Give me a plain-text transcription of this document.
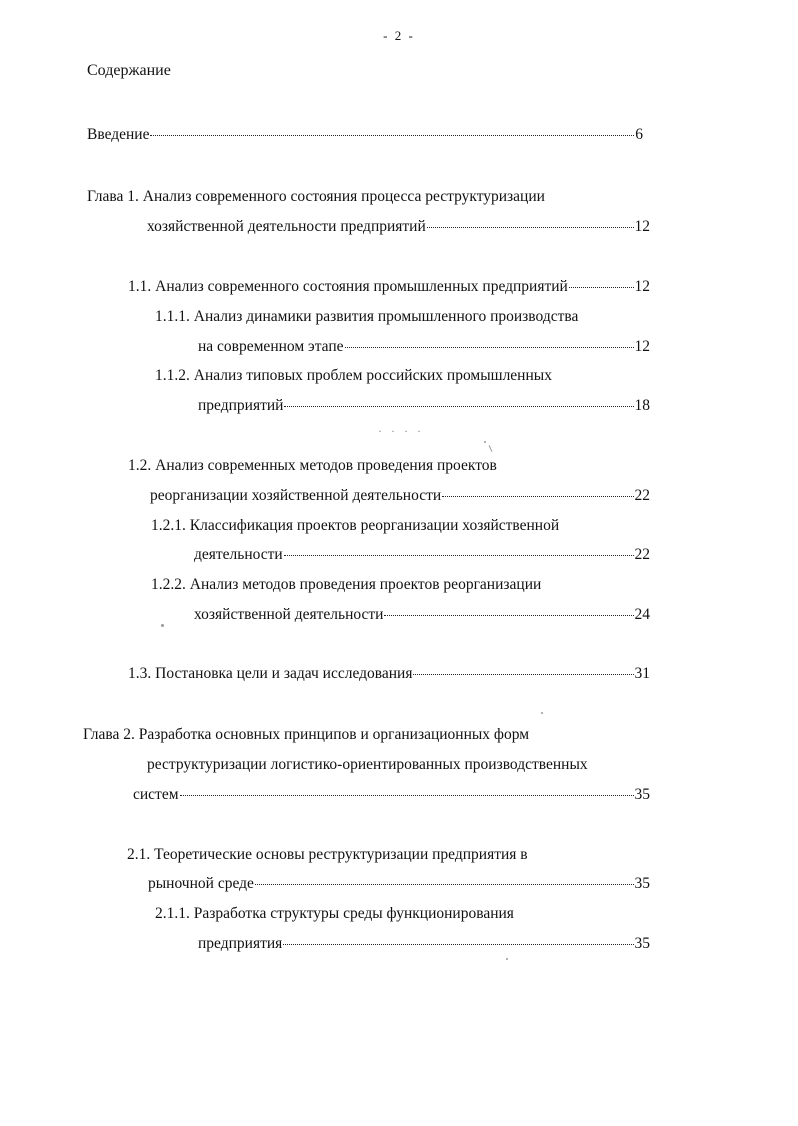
- 2 -
Содержание
Введение	6
Глава 1. Анализ современного состояния процесса реструктуризации
хозяйственной деятельности предприятий	12
1.1. Анализ современного состояния промышленных предприятий	12
1.1.1. Анализ динамики развития промышленного производства
на современном этапе	12
1.1.2. Анализ типовых проблем российских промышленных
предприятий	18
· · · ·
1.2. Анализ современных методов проведения проектов
реорганизации хозяйственной деятельности	22
1.2.1. Классификация проектов реорганизации хозяйственной
деятельности	22
1.2.2. Анализ методов проведения проектов реорганизации
хозяйственной деятельности	24
1.3. Постановка цели и задач исследования	31
Глава 2. Разработка основных принципов и организационных форм
реструктуризации логистико-ориентированных производственных
систем	35
2.1. Теоретические основы реструктуризации предприятия в
рыночной среде	35
2.1.1. Разработка структуры среды функционирования
предприятия	35
